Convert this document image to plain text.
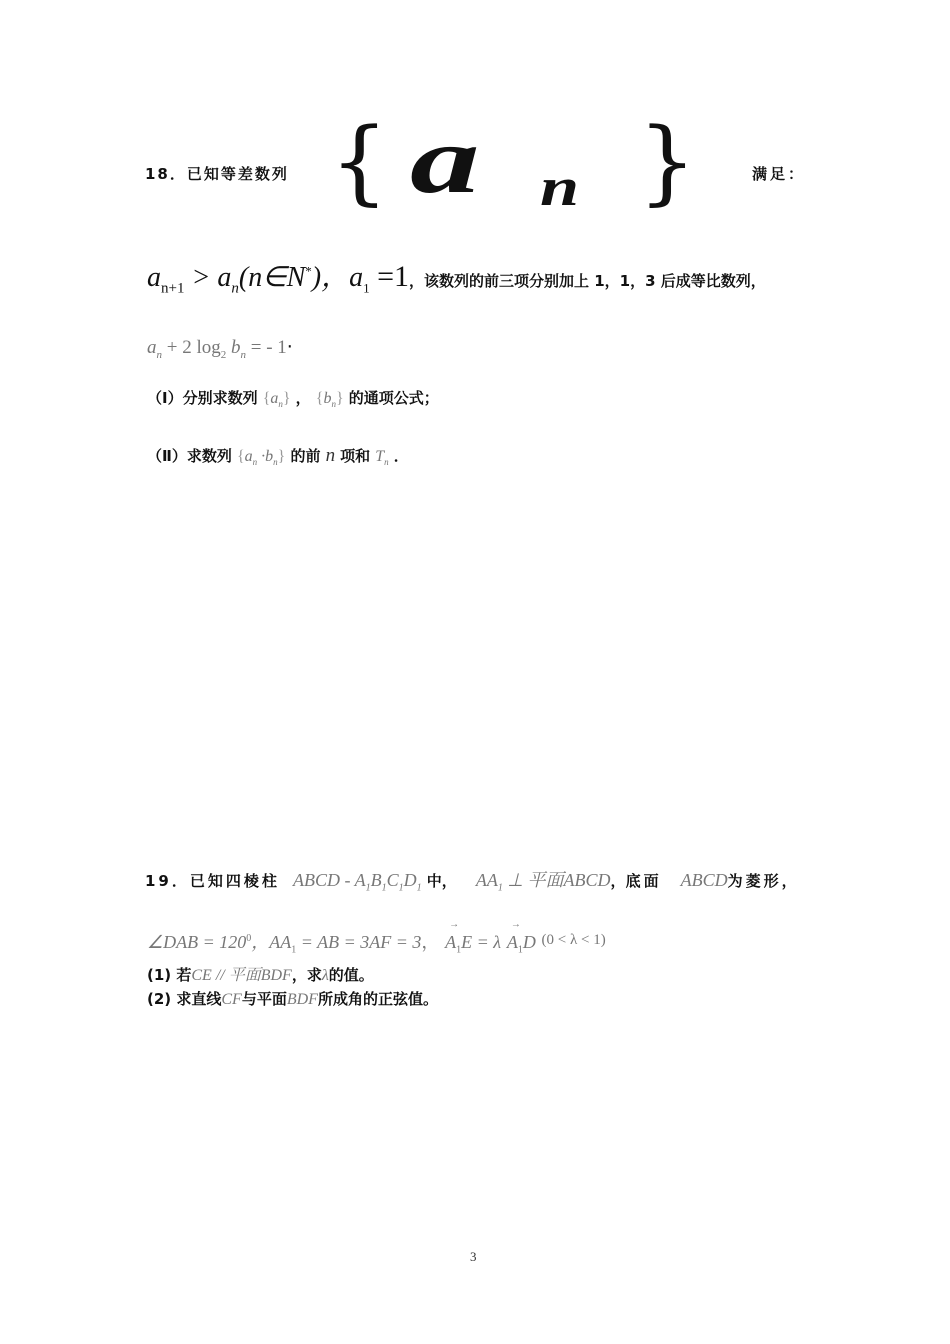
18．已知等差数列 { a n }	满足：
$a_{n+1}$ > $a_n(n\in N^*)$，$a_1 =1$，该数列的前三项分别加上 1，1，3 后成等比数列，
$a_n + 2$ $\log_2 b_n$ = - 1·
（Ⅰ）分别求数列 $\{a_n\}$ ， $\{b_n\}$ 的通项公式；
（Ⅱ）求数列 $\{a_n \cdot b_n\}$ 的前 n 项和 $T_n$ ．
19．已知四棱柱 ABCD - $A_1B_1C_1D_1$ 中， $AA_1$ ⊥ 平面ABCD，底面 ABCD为菱形，
∠DAB = $120^0$，$AA_1$ = AB = 3AF = 3， → $A_1E = \lambda \to A_1D$ $^{(0 < \lambda < 1)}$
(1) 若CE // 平面BDF，求λ的值。
(2) 求直线CF与平面BDF所成角的正弦值。
3
